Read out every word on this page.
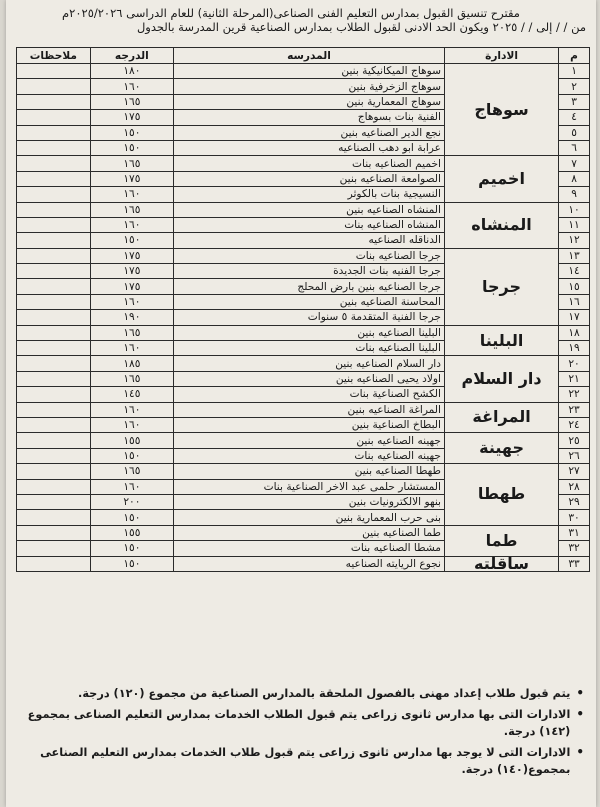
مقترح تنسيق القبول بمدارس التعليم الفنى الصناعى(المرحلة الثانية) للعام الدراسى ٢٠٢٥/٢٠٢٦م
من / / إلى / / ٢٠٢٥ ويكون الحد الادنى لقبول الطلاب بمدارس الصناعية قرين المدرسة بالجدول
م	الادارة	المدرسه	الدرجه	ملاحظات
١	سوهاج	سوهاج الميكانيكية بنين	١٨٠	
٢		سوهاج الزخرفية بنين	١٦٠	
٣		سوهاج المعمارية بنين	١٦٥	
٤		الفنية بنات بسوهاج	١٧٥	
٥		نجع الدير الصناعيه بنين	١٥٠	
٦		عرابة ابو دهب الصناعيه	١٥٠	
٧	اخميم	اخميم الصناعيه بنات	١٦٥	
٨		الصوامعة الصناعيه بنين	١٧٥	
٩		النسيجية بنات بالكوثر	١٦٠	
١٠	المنشاه	المنشاه الصناعيه بنين	١٦٥	
١١		المنشاه الصناعيه بنات	١٦٠	
١٢		الدناقله الصناعيه	١٥٠	
١٣	جرجا	جرجا الصناعيه بنات	١٧٥	
١٤		جرجا الفنيه بنات الجديدة	١٧٥	
١٥		جرجا الصناعيه بنين بارض المحلج	١٧٥	
١٦		المحاسنة الصناعيه بنين	١٦٠	
١٧		جرجا الفنية المتقدمة ٥ سنوات	١٩٠	
١٨	البلينا	البلينا الصناعيه بنين	١٦٥	
١٩		البلينا الصناعيه بنات	١٦٠	
٢٠	دار السلام	دار السلام الصناعيه بنين	١٨٥	
٢١		اولاد يحيى الصناعيه بنين	١٦٥	
٢٢		الكشح الصناعية بنات	١٤٥	
٢٣	المراغة	المراغة الصناعيه بنين	١٦٠	
٢٤		البطاخ الصناعية بنين	١٦٠	
٢٥	جهينة	جهينه الصناعيه بنين	١٥٥	
٢٦		جهينه الصناعيه بنات	١٥٠	
٢٧	طهطا	طهطا الصناعيه بنين	١٦٥	
٢٨		المستشار حلمى عبد الاخر الصناعية بنات	١٦٠	
٢٩		بنهو الالكترونيات بنين	٢٠٠	
٣٠		بنى حرب المعمارية بنين	١٥٠	
٣١	طما	طما الصناعيه بنين	١٥٥	
٣٢		مشطا الصناعيه بنات	١٥٠	
٣٣	ساقلته	نجوع الريايته الصناعيه	١٥٠	
•
يتم قبول طلاب إعداد مهنى بالفصول الملحقة بالمدارس الصناعية من مجموع (١٢٠) درجة.
•
الادارات التى بها مدارس ثانوى زراعى يتم قبول الطلاب الخدمات بمدارس التعليم الصناعى بمجموع (١٤٢) درجة.
•
الادارات التى لا يوجد بها مدارس ثانوى زراعى يتم قبول طلاب الخدمات بمدارس التعليم الصناعى بمجموع(١٤٠) درجة.
